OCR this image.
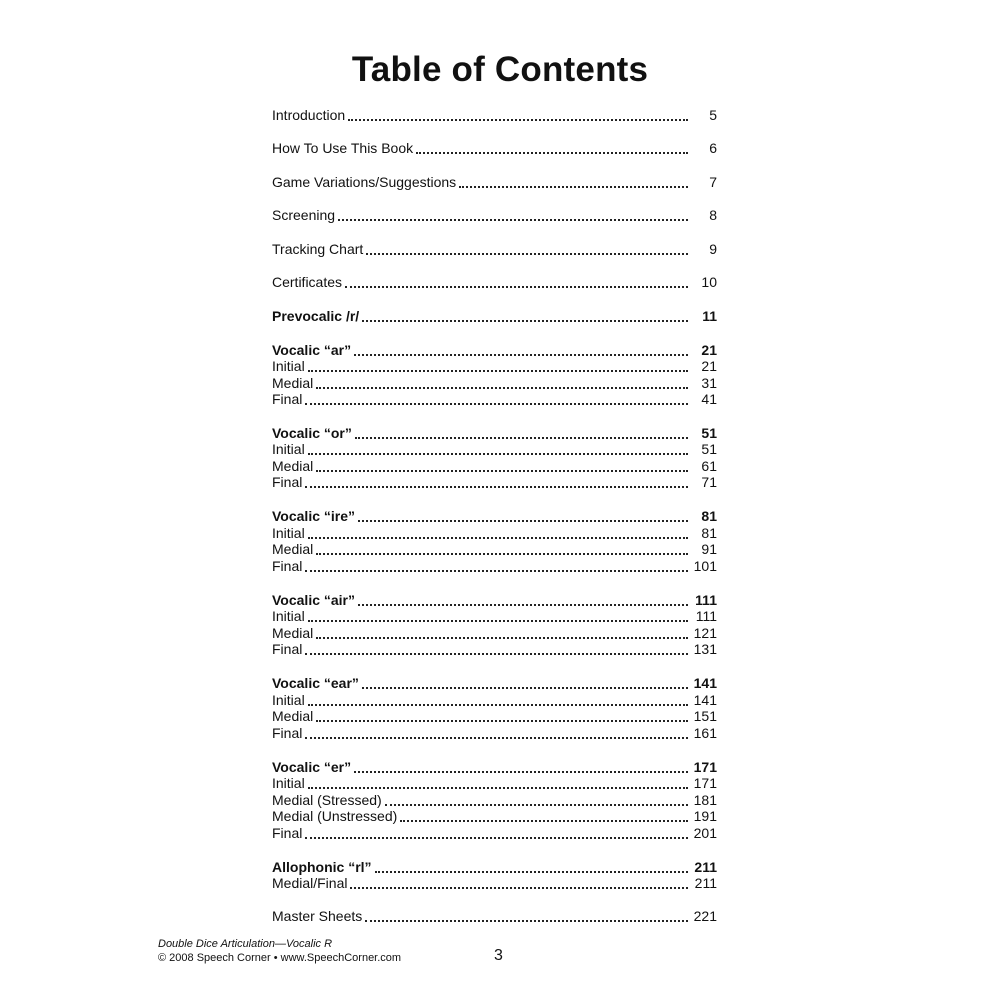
Table of Contents
Introduction	5
How To Use This Book	6
Game Variations/Suggestions	7
Screening	8
Tracking Chart	9
Certificates	10
Prevocalic /r/	11
Vocalic “ar”	21
Initial	21
Medial	31
Final	41
Vocalic “or”	51
Initial	51
Medial	61
Final	71
Vocalic “ire”	81
Initial	81
Medial	91
Final	101
Vocalic “air”	111
Initial	111
Medial	121
Final	131
Vocalic “ear”	141
Initial	141
Medial	151
Final	161
Vocalic “er”	171
Initial	171
Medial (Stressed)	181
Medial (Unstressed)	191
Final	201
Allophonic “rl”	211
Medial/Final	211
Master Sheets	221
Double Dice Articulation—Vocalic R
© 2008 Speech Corner • www.SpeechCorner.com	3
